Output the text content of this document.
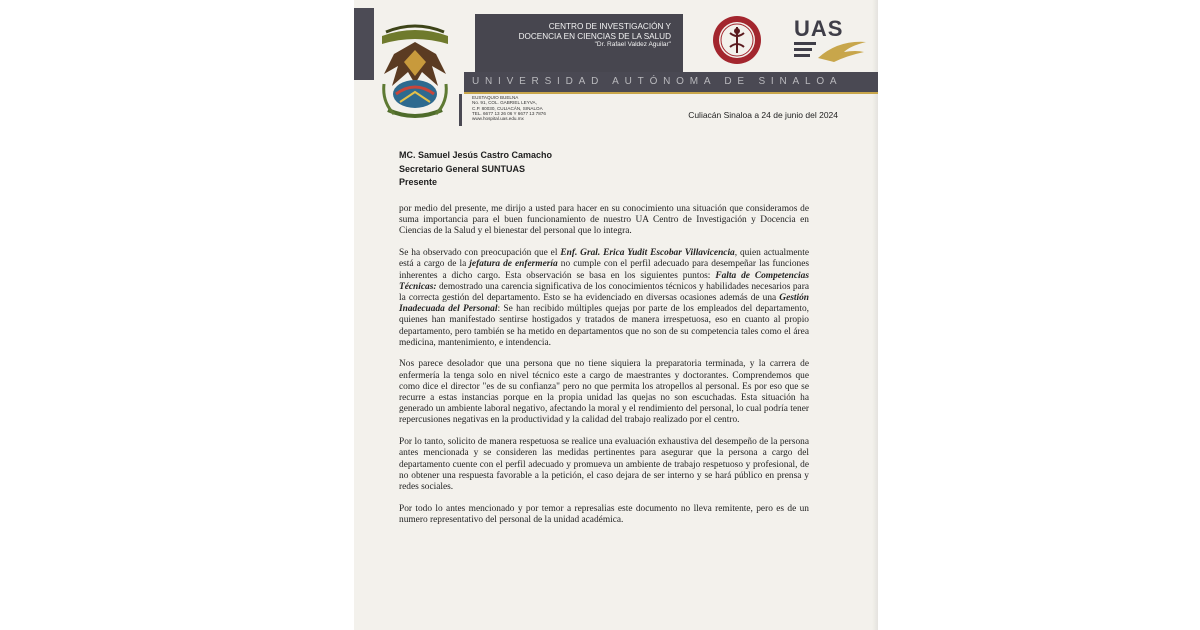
CENTRO DE INVESTIGACIÓN Y
DOCENCIA EN CIENCIAS DE LA SALUD
"Dr. Rafael Valdez Aguilar"
UAS
UNIVERSIDAD AUTÓNOMA DE SINALOA
EUSTAQUIO BUELNA
No. 91, COL. GABRIEL LEYVA,
C.P. 80030, CULIACÁN, SINALOA
TEL. 6677 13 26 06 Y 6677 13 7876
www.hospital.uas.edu.mx	Culiacán Sinaloa a 24 de junio del 2024
MC. Samuel Jesús Castro Camacho
Secretario General SUNTUAS
Presente

por medio del presente, me dirijo a usted para hacer en su conocimiento una situación que consideramos de suma importancia para el buen funcionamiento de nuestro UA Centro de Investigación y Docencia en Ciencias de la Salud y el bienestar del personal que lo integra.

Se ha observado con preocupación que el Enf. Gral. Erica Yudit Escobar Villavicencia, quien actualmente está a cargo de la jefatura de enfermería no cumple con el perfil adecuado para desempeñar las funciones inherentes a dicho cargo. Esta observación se basa en los siguientes puntos: Falta de Competencias Técnicas: demostrado una carencia significativa de los conocimientos técnicos y habilidades necesarios para la correcta gestión del departamento. Esto se ha evidenciado en diversas ocasiones además de una Gestión Inadecuada del Personal: Se han recibido múltiples quejas por parte de los empleados del departamento, quienes han manifestado sentirse hostigados y tratados de manera irrespetuosa, eso en cuanto al propio departamento, pero también se ha metido en departamentos que no son de su competencia tales como el área medicina, mantenimiento, e intendencia.

Nos parece desolador que una persona que no tiene siquiera la preparatoria terminada, y la carrera de enfermería la tenga solo en nivel técnico este a cargo de maestrantes y doctorantes. Comprendemos que como dice el director "es de su confianza" pero no que permita los atropellos al personal. Es por eso que se recurre a estas instancias porque en la propia unidad las quejas no son escuchadas. Esta situación ha generado un ambiente laboral negativo, afectando la moral y el rendimiento del personal, lo cual podría tener repercusiones negativas en la productividad y la calidad del trabajo realizado por el centro.

Por lo tanto, solicito de manera respetuosa se realice una evaluación exhaustiva del desempeño de la persona antes mencionada y se consideren las medidas pertinentes para asegurar que la persona a cargo del departamento cuente con el perfil adecuado y promueva un ambiente de trabajo respetuoso y profesional, de no obtener una respuesta favorable a la petición, el caso dejara de ser interno y se hará público en prensa y redes sociales.

Por todo lo antes mencionado y por temor a represalias este documento no lleva remitente, pero es de un numero representativo del personal de la unidad académica.
